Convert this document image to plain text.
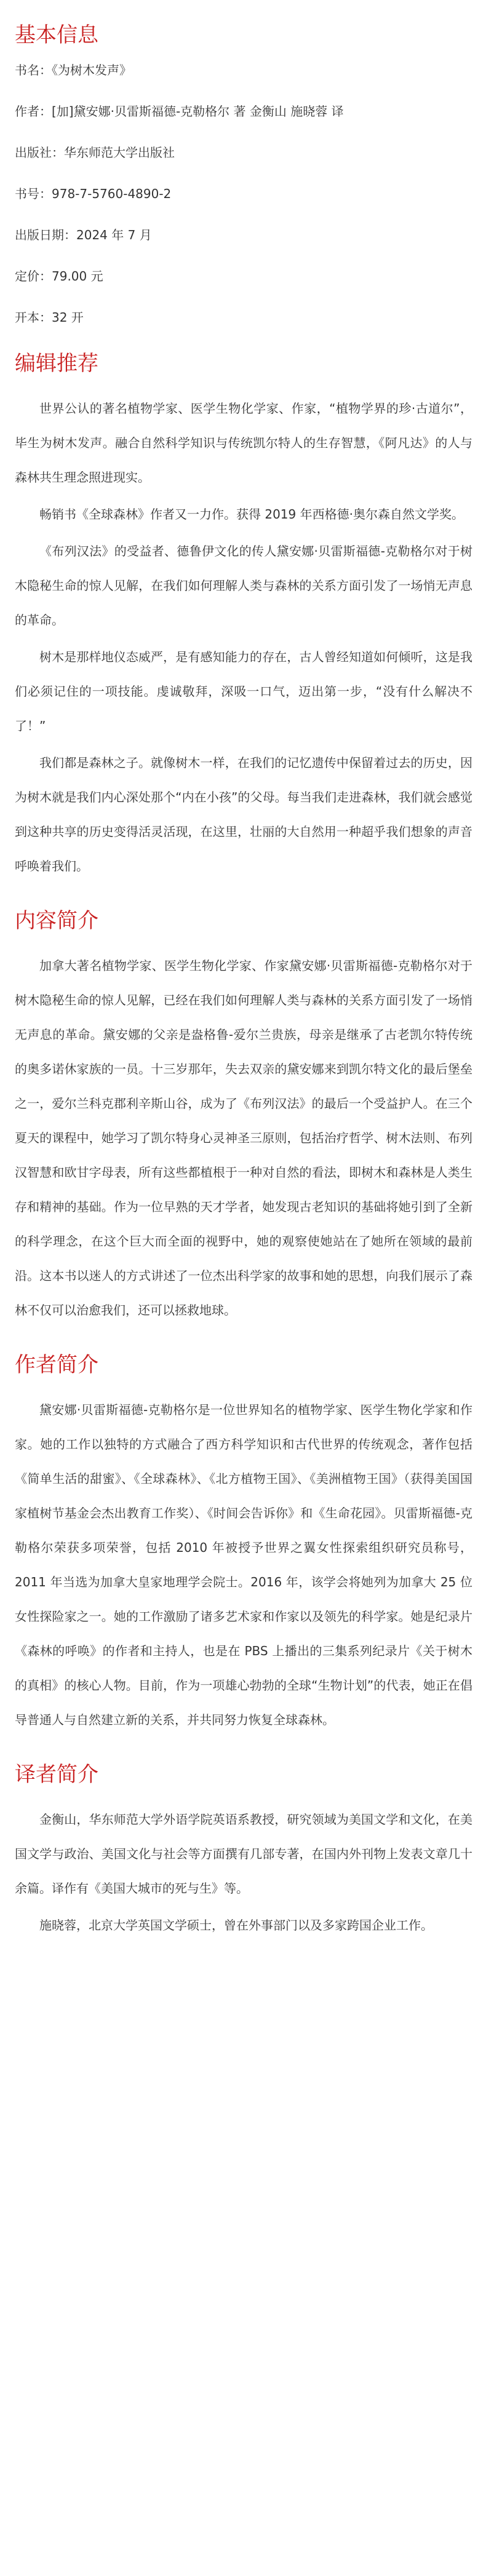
基本信息
书名：《为树木发声》
作者：[加]黛安娜·贝雷斯福德-克勒格尔 著 金衡山 施晓蓉 译
出版社：华东师范大学出版社
书号：978-7-5760-4890-2
出版日期：2024 年 7 月
定价：79.00 元
开本：32 开
编辑推荐

世界公认的著名植物学家、医学生物化学家、作家，“植物学界的珍·古道尔”，毕生为树木发声。融合自然科学知识与传统凯尔特人的生存智慧，《阿凡达》的人与森林共生理念照进现实。

畅销书《全球森林》作者又一力作。获得 2019 年西格德·奥尔森自然文学奖。

《布列汉法》的受益者、德鲁伊文化的传人黛安娜·贝雷斯福德-克勒格尔对于树木隐秘生命的惊人见解，在我们如何理解人类与森林的关系方面引发了一场悄无声息的革命。

树木是那样地仪态威严，是有感知能力的存在，古人曾经知道如何倾听，这是我们必须记住的一项技能。虔诚敬拜，深吸一口气，迈出第一步，“没有什么解决不了！”

我们都是森林之子。就像树木一样，在我们的记忆遗传中保留着过去的历史，因为树木就是我们内心深处那个“内在小孩”的父母。每当我们走进森林，我们就会感觉到这种共享的历史变得活灵活现，在这里，壮丽的大自然用一种超乎我们想象的声音呼唤着我们。

内容简介

加拿大著名植物学家、医学生物化学家、作家黛安娜·贝雷斯福德-克勒格尔对于树木隐秘生命的惊人见解，已经在我们如何理解人类与森林的关系方面引发了一场悄无声息的革命。黛安娜的父亲是盎格鲁-爱尔兰贵族，母亲是继承了古老凯尔特传统的奥多诺休家族的一员。十三岁那年，失去双亲的黛安娜来到凯尔特文化的最后堡垒之一，爱尔兰科克郡利辛斯山谷，成为了《布列汉法》的最后一个受益护人。在三个夏天的课程中，她学习了凯尔特身心灵神圣三原则，包括治疗哲学、树木法则、布列汉智慧和欧甘字母表，所有这些都植根于一种对自然的看法，即树木和森林是人类生存和精神的基础。作为一位早熟的天才学者，她发现古老知识的基础将她引到了全新的科学理念，在这个巨大而全面的视野中，她的观察使她站在了她所在领域的最前沿。这本书以迷人的方式讲述了一位杰出科学家的故事和她的思想，向我们展示了森林不仅可以治愈我们，还可以拯救地球。

作者简介

黛安娜·贝雷斯福德-克勒格尔是一位世界知名的植物学家、医学生物化学家和作家。她的工作以独特的方式融合了西方科学知识和古代世界的传统观念，著作包括《简单生活的甜蜜》、《全球森林》、《北方植物王国》、《美洲植物王国》（获得美国国家植树节基金会杰出教育工作奖）、《时间会告诉你》和《生命花园》。贝雷斯福德-克勒格尔荣获多项荣誉，包括 2010 年被授予世界之翼女性探索组织研究员称号，2011 年当选为加拿大皇家地理学会院士。2016 年，该学会将她列为加拿大 25 位女性探险家之一。她的工作激励了诸多艺术家和作家以及领先的科学家。她是纪录片《森林的呼唤》的作者和主持人，也是在 PBS 上播出的三集系列纪录片《关于树木的真相》的核心人物。目前，作为一项雄心勃勃的全球“生物计划”的代表，她正在倡导普通人与自然建立新的关系，并共同努力恢复全球森林。

译者简介

金衡山，华东师范大学外语学院英语系教授，研究领域为美国文学和文化，在美国文学与政治、美国文化与社会等方面撰有几部专著，在国内外刊物上发表文章几十余篇。译作有《美国大城市的死与生》等。

施晓蓉，北京大学英国文学硕士，曾在外事部门以及多家跨国企业工作。
